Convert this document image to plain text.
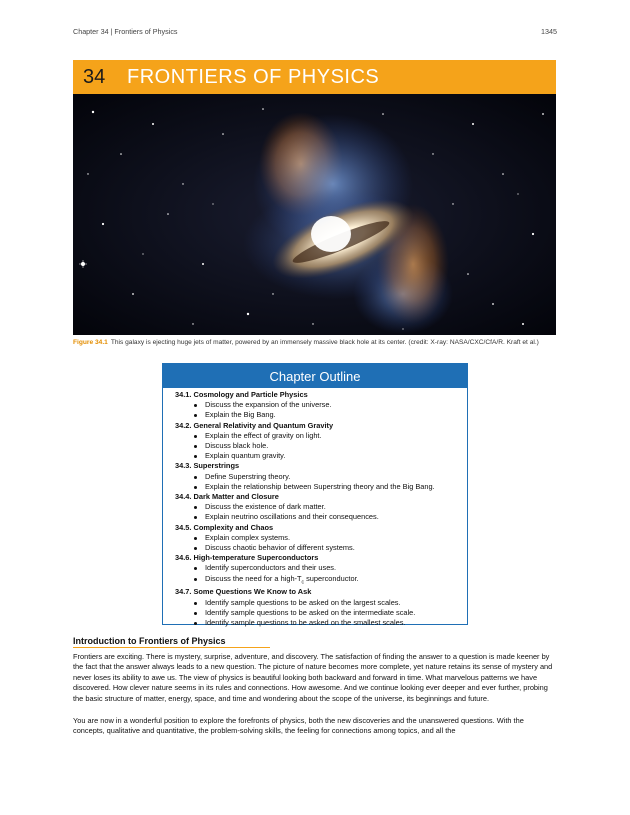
Chapter 34 | Frontiers of Physics	1345
34	FRONTIERS OF PHYSICS
Figure 34.1 This galaxy is ejecting huge jets of matter, powered by an immensely massive black hole at its center. (credit: X-ray: NASA/CXC/CfA/R. Kraft et al.)
Chapter Outline
34.1. Cosmology and Particle Physics
Discuss the expansion of the universe.
Explain the Big Bang.
34.2. General Relativity and Quantum Gravity
Explain the effect of gravity on light.
Discuss black hole.
Explain quantum gravity.
34.3. Superstrings
Define Superstring theory.
Explain the relationship between Superstring theory and the Big Bang.
34.4. Dark Matter and Closure
Discuss the existence of dark matter.
Explain neutrino oscillations and their consequences.
34.5. Complexity and Chaos
Explain complex systems.
Discuss chaotic behavior of different systems.
34.6. High-temperature Superconductors
Identify superconductors and their uses.
Discuss the need for a high-$T_c$ superconductor.
34.7. Some Questions We Know to Ask
Identify sample questions to be asked on the largest scales.
Identify sample questions to be asked on the intermediate scale.
Identify sample questions to be asked on the smallest scales.
Introduction to Frontiers of Physics
Frontiers are exciting. There is mystery, surprise, adventure, and discovery. The satisfaction of finding the answer to a question is made keener by the fact that the answer always leads to a new question. The picture of nature becomes more complete, yet nature retains its sense of mystery and never loses its ability to awe us. The view of physics is beautiful looking both backward and forward in time. What marvelous patterns we have discovered. How clever nature seems in its rules and connections. How awesome. And we continue looking ever deeper and ever further, probing the basic structure of matter, energy, space, and time and wondering about the scope of the universe, its beginnings and future.
You are now in a wonderful position to explore the forefronts of physics, both the new discoveries and the unanswered questions. With the concepts, qualitative and quantitative, the problem-solving skills, the feeling for connections among topics, and all the
